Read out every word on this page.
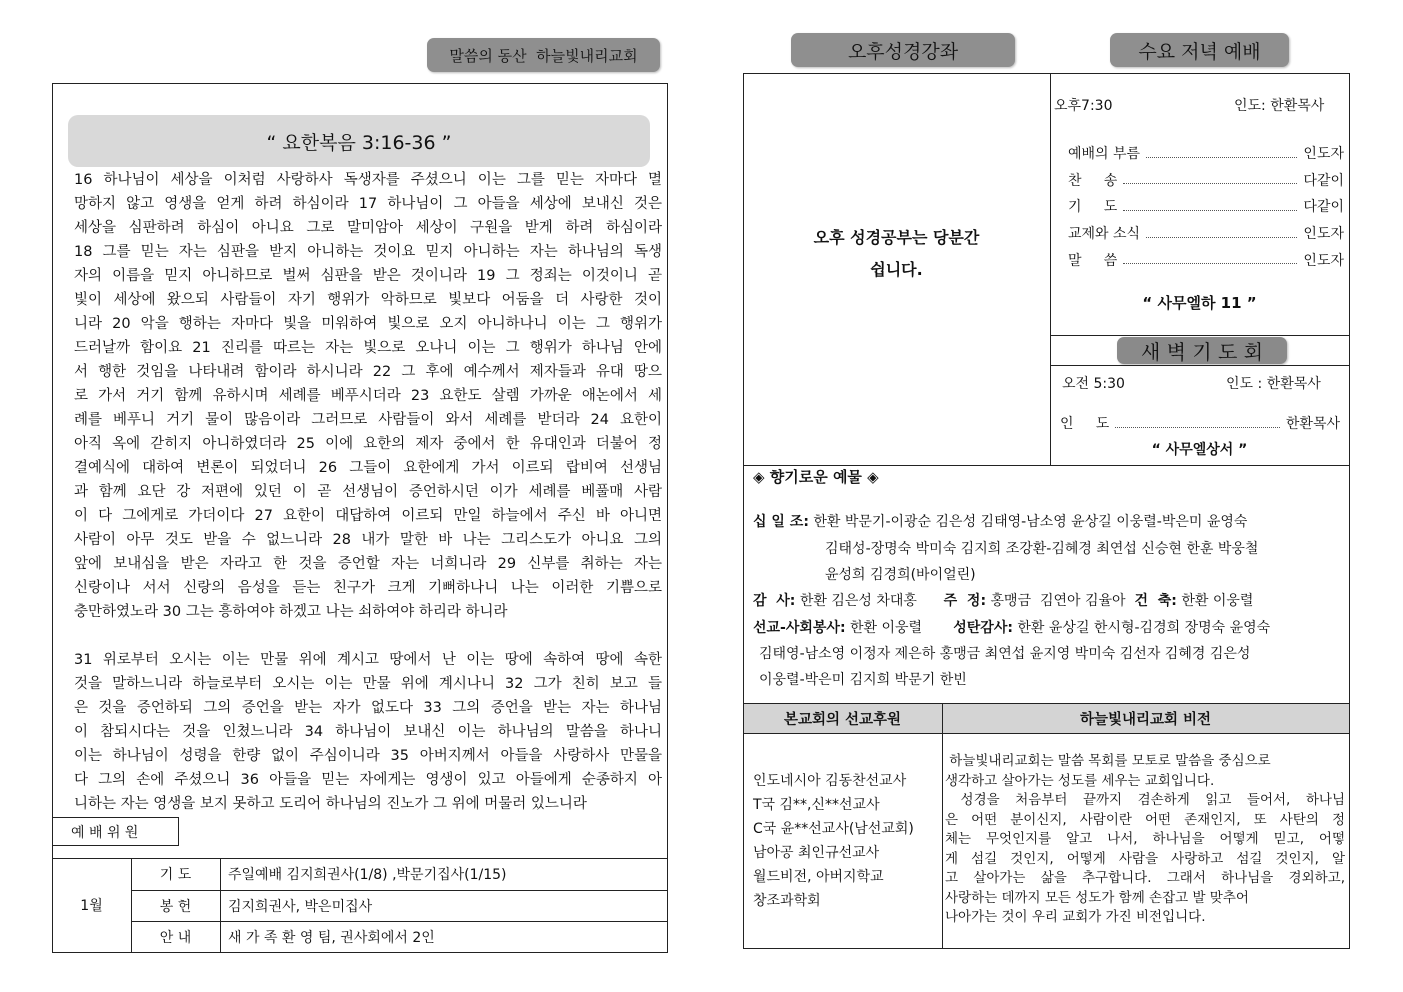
말씀의 동산  하늘빛내리교회
“ 요한복음 3:16-36 ”
16 하나님이 세상을 이처럼 사랑하사 독생자를 주셨으니 이는 그를 믿는 자마다 멸
망하지 않고 영생을 얻게 하려 하심이라 17 하나님이 그 아들을 세상에 보내신 것은
세상을 심판하려 하심이 아니요 그로 말미암아 세상이 구원을 받게 하려 하심이라
18 그를 믿는 자는 심판을 받지 아니하는 것이요 믿지 아니하는 자는 하나님의 독생
자의 이름을 믿지 아니하므로 벌써 심판을 받은 것이니라 19 그 정죄는 이것이니 곧
빛이 세상에 왔으되 사람들이 자기 행위가 악하므로 빛보다 어둠을 더 사랑한 것이
니라 20 악을 행하는 자마다 빛을 미워하여 빛으로 오지 아니하나니 이는 그 행위가
드러날까 함이요 21 진리를 따르는 자는 빛으로 오나니 이는 그 행위가 하나님 안에
서 행한 것임을 나타내려 함이라 하시니라 22 그 후에 예수께서 제자들과 유대 땅으
로 가서 거기 함께 유하시며 세례를 베푸시더라 23 요한도 살렘 가까운 애논에서 세
례를 베푸니 거기 물이 많음이라 그러므로 사람들이 와서 세례를 받더라 24 요한이
아직 옥에 갇히지 아니하였더라 25 이에 요한의 제자 중에서 한 유대인과 더불어 정
결예식에 대하여 변론이 되었더니 26 그들이 요한에게 가서 이르되 랍비여 선생님
과 함께 요단 강 저편에 있던 이 곧 선생님이 증언하시던 이가 세례를 베풀매 사람
이 다 그에게로 가더이다 27 요한이 대답하여 이르되 만일 하늘에서 주신 바 아니면
사람이 아무 것도 받을 수 없느니라 28 내가 말한 바 나는 그리스도가 아니요 그의
앞에 보내심을 받은 자라고 한 것을 증언할 자는 너희니라 29 신부를 취하는 자는
신랑이나 서서 신랑의 음성을 듣는 친구가 크게 기뻐하나니 나는 이러한 기쁨으로
충만하였노라 30 그는 흥하여야 하겠고 나는 쇠하여야 하리라 하니라
31 위로부터 오시는 이는 만물 위에 계시고 땅에서 난 이는 땅에 속하여 땅에 속한
것을 말하느니라 하늘로부터 오시는 이는 만물 위에 계시나니 32 그가 친히 보고 들
은 것을 증언하되 그의 증언을 받는 자가 없도다 33 그의 증언을 받는 자는 하나님
이 참되시다는 것을 인쳤느니라 34 하나님이 보내신 이는 하나님의 말씀을 하나니
이는 하나님이 성령을 한량 없이 주심이니라 35 아버지께서 아들을 사랑하사 만물을
다 그의 손에 주셨으니 36 아들을 믿는 자에게는 영생이 있고 아들에게 순종하지 아
니하는 자는 영생을 보지 못하고 도리어 하나님의 진노가 그 위에 머물러 있느니라
예 배 위 원
1월
기 도	주일예배 김지희권사(1/8) ,박문기집사(1/15)
봉 헌	김지희권사, 박은미집사
안 내	새 가 족 환 영 팀, 권사회에서 2인
오후성경강좌	수요 저녁 예배
오후 성경공부는 당분간
쉽니다.
오후7:30	인도: 한환목사
예배의 부름	인도자
찬     송	다같이
기     도	다같이
교제와 소식	인도자
말     씀	인도자
“ 사무엘하 11 ”
새 벽 기 도 회
오전 5:30	인도 : 한환목사
인     도	한환목사
“ 사무엘상서 ”
◈ 향기로운 예물 ◈
십 일 조: 한환 박문기-이광순 김은성 김태영-남소영 윤상길 이웅렬-박은미 윤영숙
김태성-장명숙 박미숙 김지희 조강환-김혜경 최연섭 신승현 한훈 박웅철
윤성희 김경희(바이얼린)
감  사: 한환 김은성 차대홍 주  정: 홍맹금  김연아 김율아 건  축: 한환 이웅렬
선교-사회봉사: 한환 이웅렬 성탄감사: 한환 윤상길 한시형-김경희 장명숙 윤영숙
김태영-남소영 이정자 제은하 홍맹금 최연섭 윤지영 박미숙 김선자 김혜경 김은성
이웅렬-박은미 김지희 박문기 한빈
본교회의 선교후원	하늘빛내리교회 비전
인도네시아 김동찬선교사
T국 김**,신**선교사
C국 윤**선교사(남선교회)
남아공 최인규선교사
월드비전, 아버지학교
창조과학회
하늘빛내리교회는 말씀 목회를 모토로 말씀을 중심으로
생각하고 살아가는 성도를 세우는 교회입니다.
성경을 처음부터 끝까지 겸손하게 읽고 들어서, 하나님
은 어떤 분이신지, 사람이란 어떤 존재인지, 또 사탄의 정
체는 무엇인지를 알고 나서, 하나님을 어떻게 믿고, 어떻
게 섬길 것인지, 어떻게 사람을 사랑하고 섬길 것인지, 알
고 살아가는 삶을 추구합니다. 그래서 하나님을 경외하고,
사랑하는 데까지 모든 성도가 함께 손잡고 발 맞추어
나아가는 것이 우리 교회가 가진 비전입니다.
